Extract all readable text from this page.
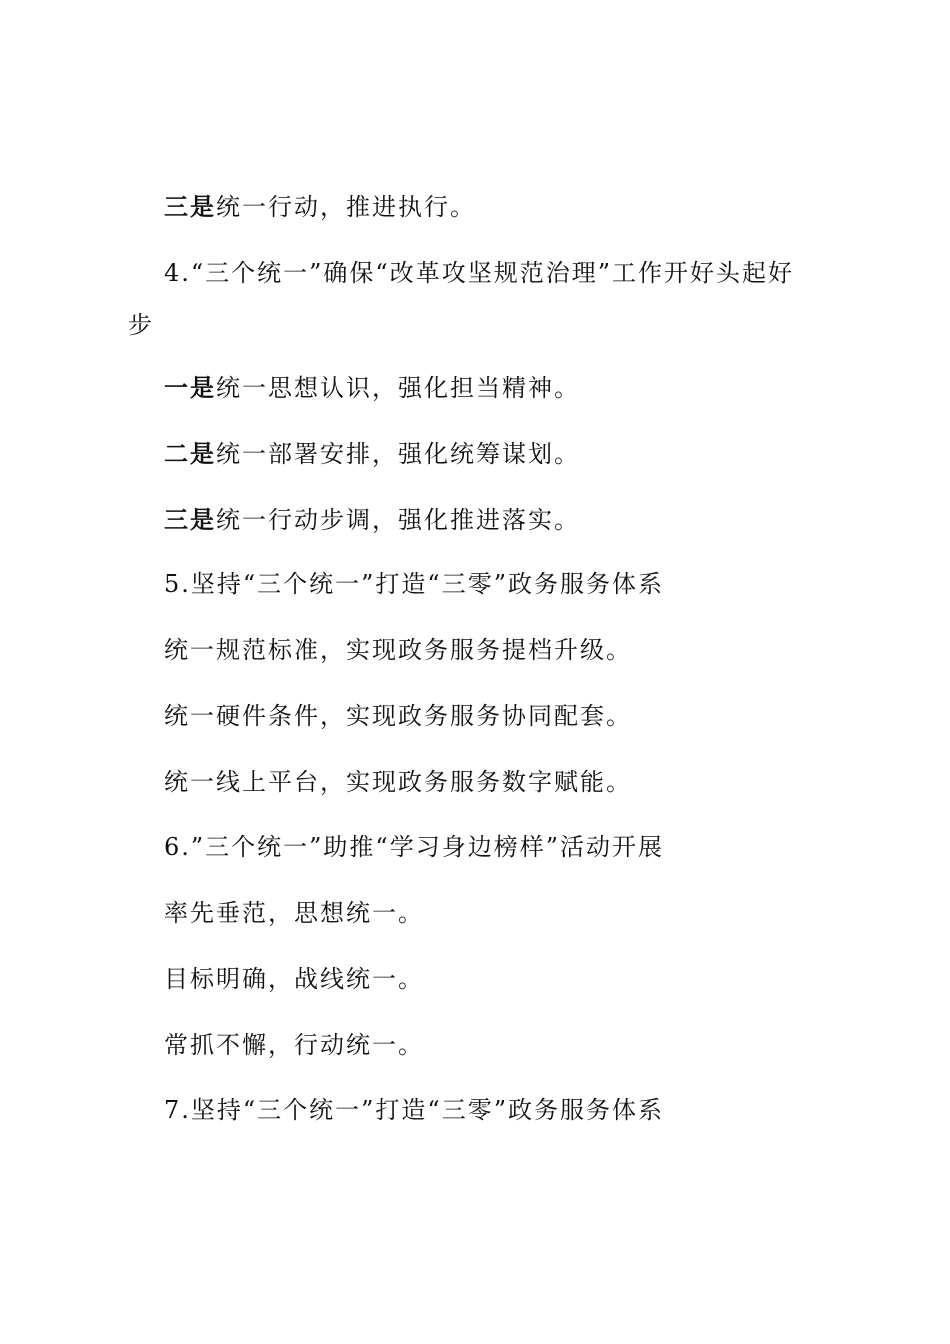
三是统一行动，推进执行。
4.“三个统一”确保“改革攻坚规范治理”工作开好头起好
步
一是统一思想认识，强化担当精神。
二是统一部署安排，强化统筹谋划。
三是统一行动步调，强化推进落实。
5.坚持“三个统一”打造“三零”政务服务体系
统一规范标准，实现政务服务提档升级。
统一硬件条件，实现政务服务协同配套。
统一线上平台，实现政务服务数字赋能。
6.”三个统一”助推“学习身边榜样”活动开展
率先垂范，思想统一。
目标明确，战线统一。
常抓不懈，行动统一。
7.坚持“三个统一”打造“三零”政务服务体系
